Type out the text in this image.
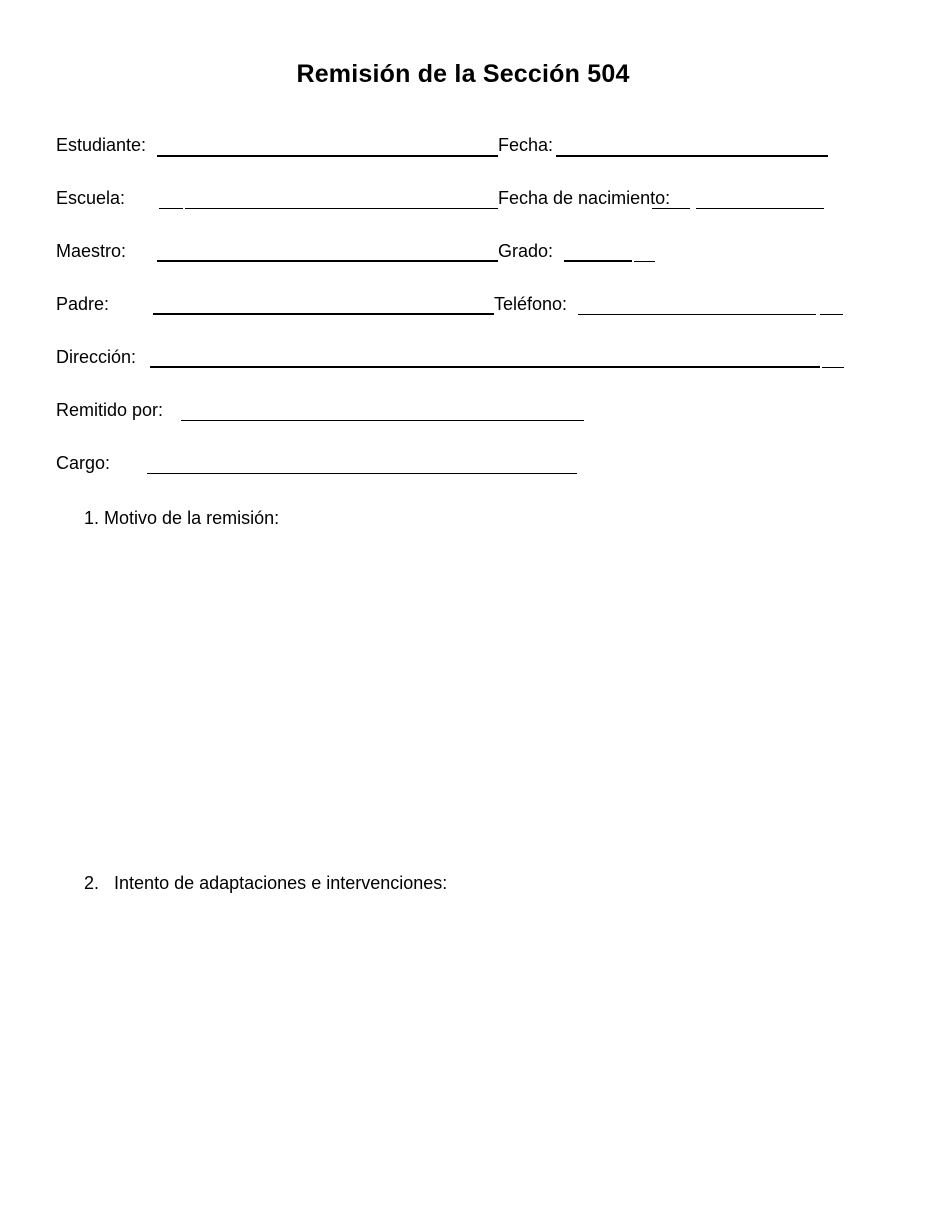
Remisión de la Sección 504
Estudiante:	Fecha:
Escuela:	Fecha de nacimiento:
Maestro:	Grado:
Padre:	Teléfono:
Dirección:
Remitido por:
Cargo:
1. Motivo de la remisión:
2. Intento de adaptaciones e intervenciones:
